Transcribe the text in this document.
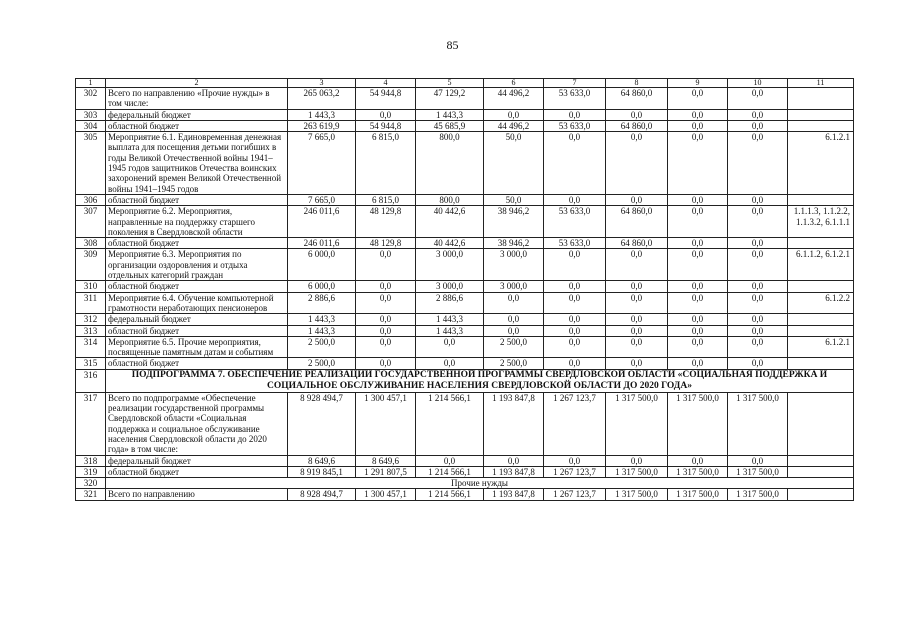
85
1	2	3	4	5	6	7	8	9	10	11
302	Всего по направлению «Прочие нужды» в том числе:	265 063,2	54 944,8	47 129,2	44 496,2	53 633,0	64 860,0	0,0	0,0	
303	федеральный бюджет	1 443,3	0,0	1 443,3	0,0	0,0	0,0	0,0	0,0	
304	областной бюджет	263 619,9	54 944,8	45 685,9	44 496,2	53 633,0	64 860,0	0,0	0,0	
305	Мероприятие 6.1. Единовременная денежная выплата для посещения детьми погибших в годы Великой Отечественной войны 1941–1945 годов защитников Отечества воинских захоронений времен Великой Отечественной войны 1941–1945 годов	7 665,0	6 815,0	800,0	50,0	0,0	0,0	0,0	0,0	6.1.2.1
306	областной бюджет	7 665,0	6 815,0	800,0	50,0	0,0	0,0	0,0	0,0	
307	Мероприятие 6.2. Мероприятия, направленные на поддержку старшего поколения в Свердловской области	246 011,6	48 129,8	40 442,6	38 946,2	53 633,0	64 860,0	0,0	0,0	1.1.1.3, 1.1.2.2, 1.1.3.2, 6.1.1.1
308	областной бюджет	246 011,6	48 129,8	40 442,6	38 946,2	53 633,0	64 860,0	0,0	0,0	
309	Мероприятие 6.3. Мероприятия по организации оздоровления и отдыха отдельных категорий граждан	6 000,0	0,0	3 000,0	3 000,0	0,0	0,0	0,0	0,0	6.1.1.2, 6.1.2.1
310	областной бюджет	6 000,0	0,0	3 000,0	3 000,0	0,0	0,0	0,0	0,0	
311	Мероприятие 6.4. Обучение компьютерной грамотности неработающих пенсионеров	2 886,6	0,0	2 886,6	0,0	0,0	0,0	0,0	0,0	6.1.2.2
312	федеральный бюджет	1 443,3	0,0	1 443,3	0,0	0,0	0,0	0,0	0,0	
313	областной бюджет	1 443,3	0,0	1 443,3	0,0	0,0	0,0	0,0	0,0	
314	Мероприятие 6.5. Прочие мероприятия, посвященные памятным датам и событиям	2 500,0	0,0	0,0	2 500,0	0,0	0,0	0,0	0,0	6.1.2.1
315	областной бюджет	2 500,0	0,0	0,0	2 500,0	0,0	0,0	0,0	0,0	
316	ПОДПРОГРАММА 7. ОБЕСПЕЧЕНИЕ РЕАЛИЗАЦИИ ГОСУДАРСТВЕННОЙ ПРОГРАММЫ СВЕРДЛОВСКОЙ ОБЛАСТИ «СОЦИАЛЬНАЯ ПОДДЕРЖКА И СОЦИАЛЬНОЕ ОБСЛУЖИВАНИЕ НАСЕЛЕНИЯ СВЕРДЛОВСКОЙ ОБЛАСТИ ДО 2020 ГОДА»									
317	Всего по подпрограмме «Обеспечение реализации государственной программы Свердловской области «Социальная поддержка и социальное обслуживание населения Свердловской области до 2020 года» в том числе:	8 928 494,7	1 300 457,1	1 214 566,1	1 193 847,8	1 267 123,7	1 317 500,0	1 317 500,0	1 317 500,0	
318	федеральный бюджет	8 649,6	8 649,6	0,0	0,0	0,0	0,0	0,0	0,0	
319	областной бюджет	8 919 845,1	1 291 807,5	1 214 566,1	1 193 847,8	1 267 123,7	1 317 500,0	1 317 500,0	1 317 500,0	
320	Прочие нужды									
321	Всего по направлению	8 928 494,7	1 300 457,1	1 214 566,1	1 193 847,8	1 267 123,7	1 317 500,0	1 317 500,0	1 317 500,0	
